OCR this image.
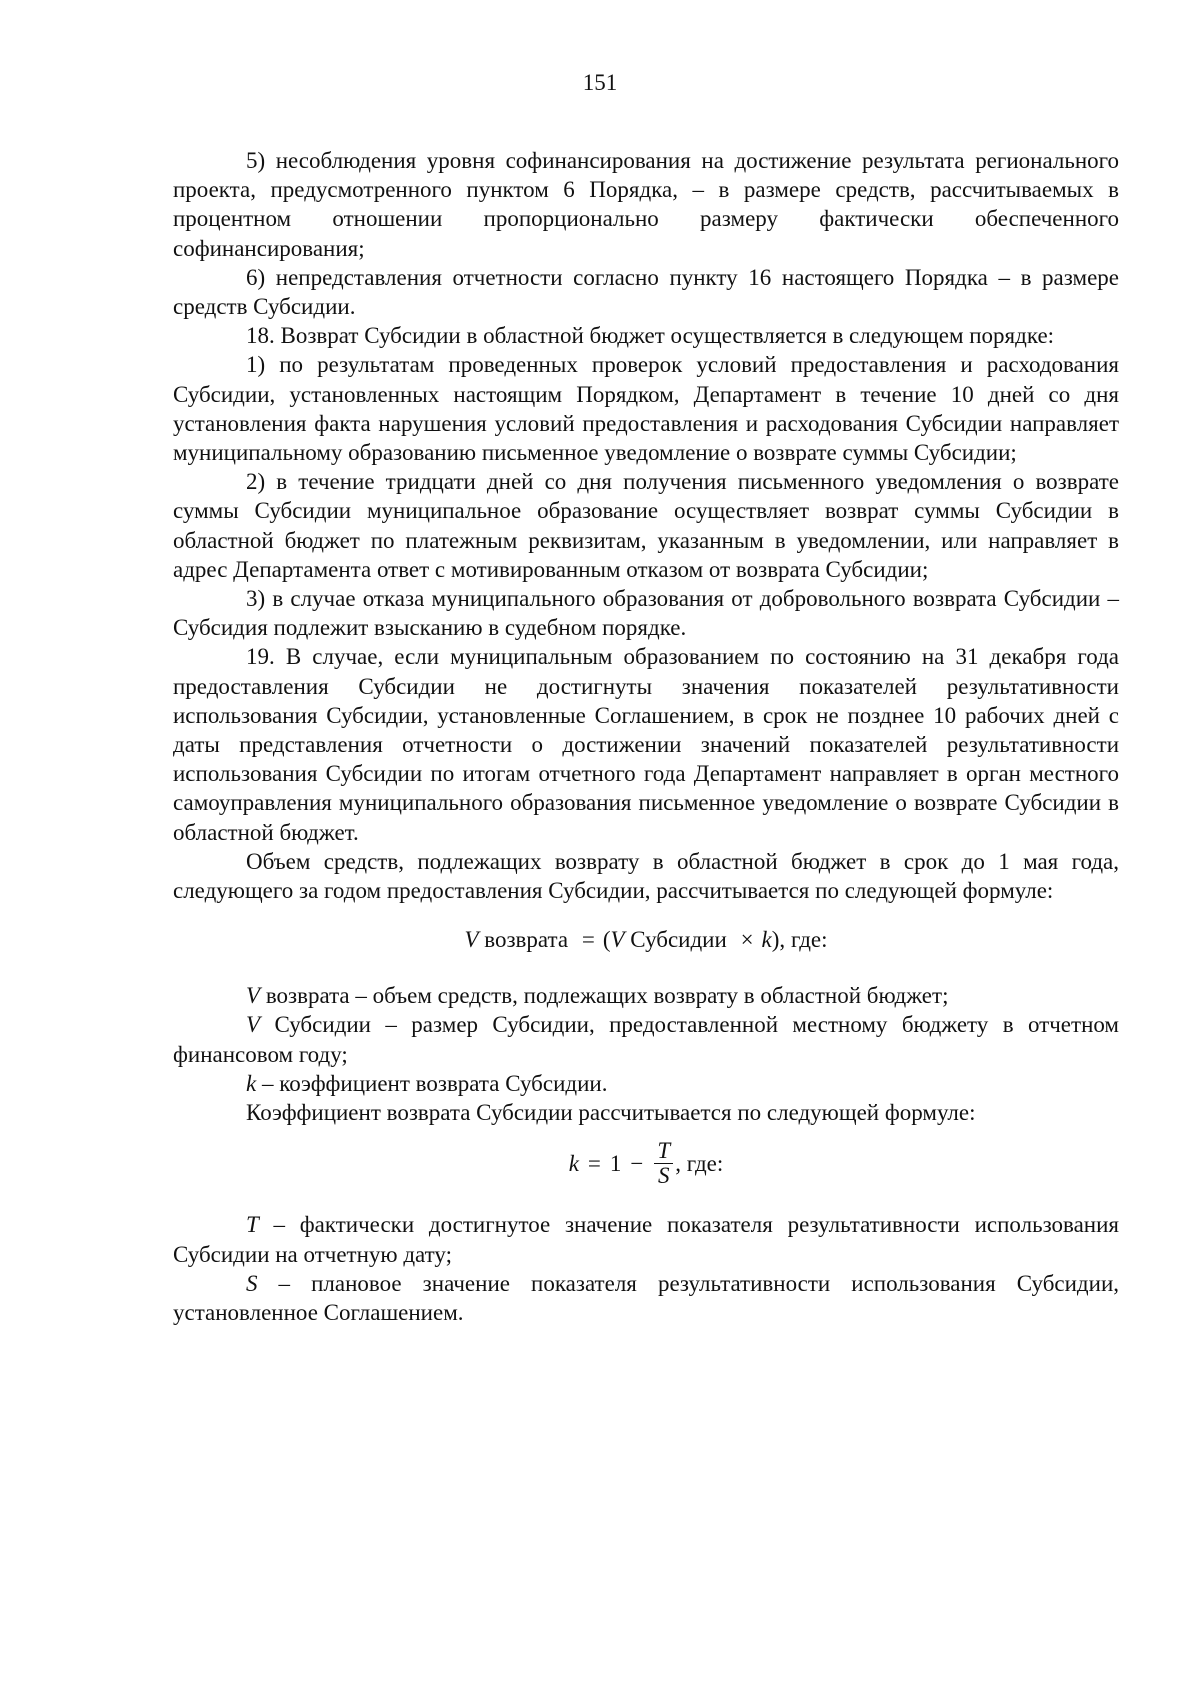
151

5) несоблюдения уровня софинансирования на достижение результата регионального проекта, предусмотренного пунктом 6 Порядка, – в размере средств, рассчитываемых в процентном отношении пропорционально размеру фактически обеспеченного софинансирования;

6) непредставления отчетности согласно пункту 16 настоящего Порядка – в размере средств Субсидии.

18. Возврат Субсидии в областной бюджет осуществляется в следующем порядке:

1) по результатам проведенных проверок условий предоставления и расходования Субсидии, установленных настоящим Порядком, Департамент в течение 10 дней со дня установления факта нарушения условий предоставления и расходования Субсидии направляет муниципальному образованию письменное уведомление о возврате суммы Субсидии;

2) в течение тридцати дней со дня получения письменного уведомления о возврате суммы Субсидии муниципальное образование осуществляет возврат суммы Субсидии в областной бюджет по платежным реквизитам, указанным в уведомлении, или направляет в адрес Департамента ответ с мотивированным отказом от возврата Субсидии;

3) в случае отказа муниципального образования от добровольного возврата Субсидии – Субсидия подлежит взысканию в судебном порядке.

19. В случае, если муниципальным образованием по состоянию на 31 декабря года предоставления Субсидии не достигнуты значения показателей результативности использования Субсидии, установленные Соглашением, в срок не позднее 10 рабочих дней с даты представления отчетности о достижении значений показателей результативности использования Субсидии по итогам отчетного года Департамент направляет в орган местного самоуправления муниципального образования письменное уведомление о возврате Субсидии в областной бюджет.

Объем средств, подлежащих возврату в областной бюджет в срок до 1 мая года, следующего за годом предоставления Субсидии, рассчитывается по следующей формуле:

V возврата = (V Субсидии × k), где:

V возврата – объем средств, подлежащих возврату в областной бюджет;

V Субсидии – размер Субсидии, предоставленной местному бюджету в отчетном финансовом году;

k – коэффициент возврата Субсидии.

Коэффициент возврата Субсидии рассчитывается по следующей формуле:

$k = 1 - \frac{T}{S}$ , где:

T – фактически достигнутое значение показателя результативности использования Субсидии на отчетную дату;

S – плановое значение показателя результативности использования Субсидии, установленное Соглашением.
